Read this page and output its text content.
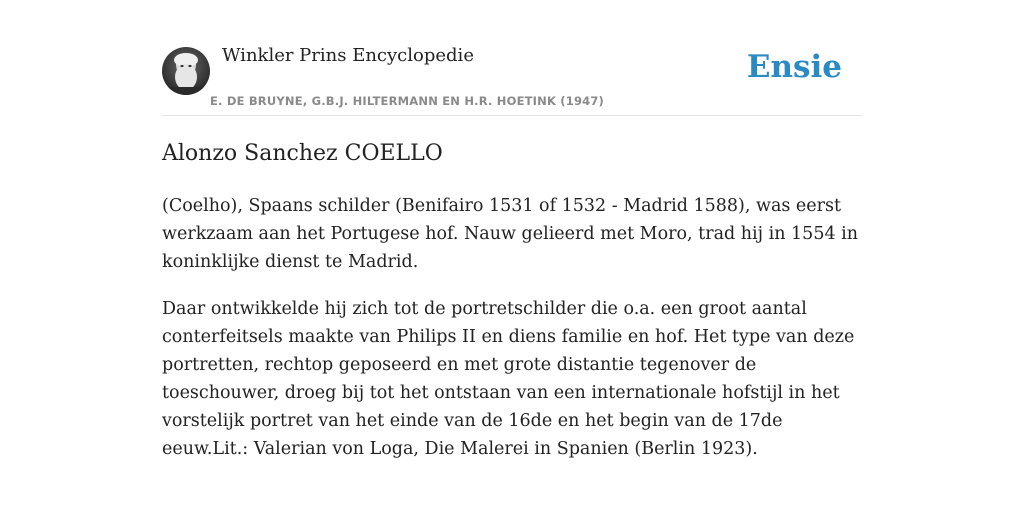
Winkler Prins Encyclopedie
E. DE BRUYNE, G.B.J. HILTERMANN EN H.R. HOETINK (1947)
Ensie
Alonzo Sanchez COELLO

(Coelho), Spaans schilder (Benifairo 1531 of 1532 - Madrid 1588), was eerst werkzaam aan het Portugese hof. Nauw gelieerd met Moro, trad hij in 1554 in koninklijke dienst te Madrid.

Daar ontwikkelde hij zich tot de portretschilder die o.a. een groot aantal conterfeitsels maakte van Philips II en diens familie en hof. Het type van deze portretten, rechtop geposeerd en met grote distantie tegenover de toeschouwer, droeg bij tot het ontstaan van een internationale hofstijl in het vorstelijk portret van het einde van de 16de en het begin van de 17de eeuw.Lit.: Valerian von Loga, Die Malerei in Spanien (Berlin 1923).
